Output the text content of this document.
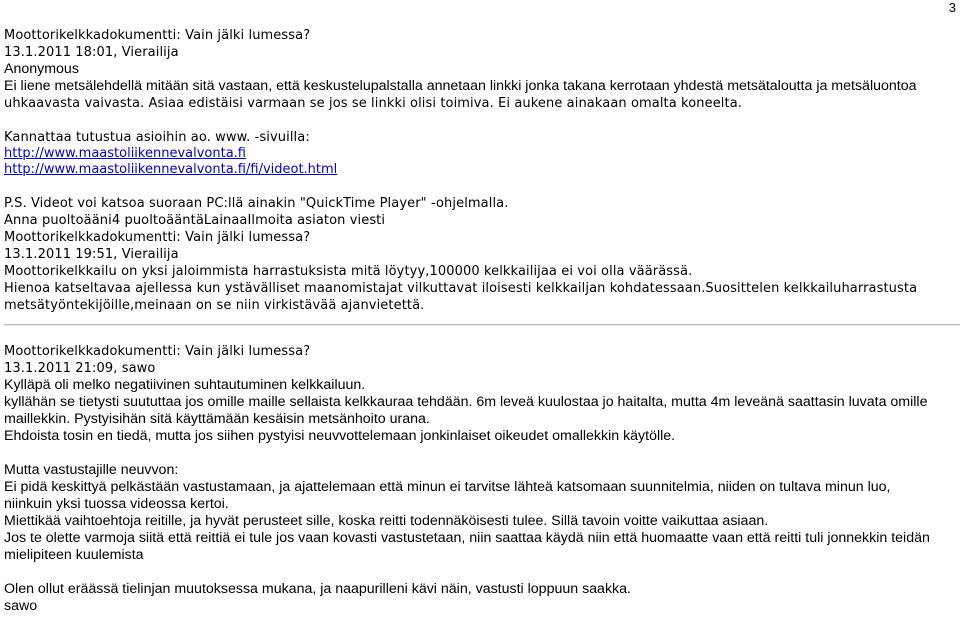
3

Moottorikelkkadokumentti: Vain jälki lumessa?

13.1.2011 18:01, Vierailija

Anonymous

Ei liene metsälehdellä mitään sitä vastaan, että keskustelupalstalla annetaan linkki jonka takana kerrotaan yhdestä metsätaloutta ja metsäluontoa

uhkaavasta vaivasta. Asiaa edistäisi varmaan se jos se linkki olisi toimiva. Ei aukene ainakaan omalta koneelta.

Kannattaa tutustua asioihin ao. www. -sivuilla:

http://www.maastoliikennevalvonta.fi
http://www.maastoliikennevalvonta.fi/fi/videot.html

P.S. Videot voi katsoa suoraan PC:llä ainakin "QuickTime Player" -ohjelmalla.

Anna puoltoääni4 puoltoääntäLainaaIlmoita asiaton viesti

Moottorikelkkadokumentti: Vain jälki lumessa?

13.1.2011 19:51, Vierailija

Moottorikelkkailu on yksi jaloimmista harrastuksista mitä löytyy,100000 kelkkailijaa ei voi olla väärässä.

Hienoa katseltavaa ajellessa kun ystävälliset maanomistajat vilkuttavat iloisesti kelkkailjan kohdatessaan.Suosittelen kelkkailuharrastusta

metsätyöntekijöille,meinaan on se niin virkistävää ajanvietettä.

Moottorikelkkadokumentti: Vain jälki lumessa?

13.1.2011 21:09, sawo

Kylläpä oli melko negatiivinen suhtautuminen kelkkailuun.

kyllähän se tietysti suututtaa jos omille maille sellaista kelkkauraa tehdään. 6m leveä kuulostaa jo haitalta, mutta 4m leveänä saattasin luvata omille

maillekkin. Pystyisihän sitä käyttämään kesäisin metsänhoito urana.

Ehdoista tosin en tiedä, mutta jos siihen pystyisi neuvvottelemaan jonkinlaiset oikeudet omallekkin käytölle.

Mutta vastustajille neuvvon:

Ei pidä keskittyä pelkästään vastustamaan, ja ajattelemaan että minun ei tarvitse lähteä katsomaan suunnitelmia, niiden on tultava minun luo,

niinkuin yksi tuossa videossa kertoi.

Miettikää vaihtoehtoja reitille, ja hyvät perusteet sille, koska reitti todennäköisesti tulee. Sillä tavoin voitte vaikuttaa asiaan.

Jos te olette varmoja siitä että reittiä ei tule jos vaan kovasti vastustetaan, niin saattaa käydä niin että huomaatte vaan että reitti tuli jonnekkin teidän

mielipiteen kuulemista

Olen ollut eräässä tielinjan muutoksessa mukana, ja naapurilleni kävi näin, vastusti loppuun saakka.

sawo
